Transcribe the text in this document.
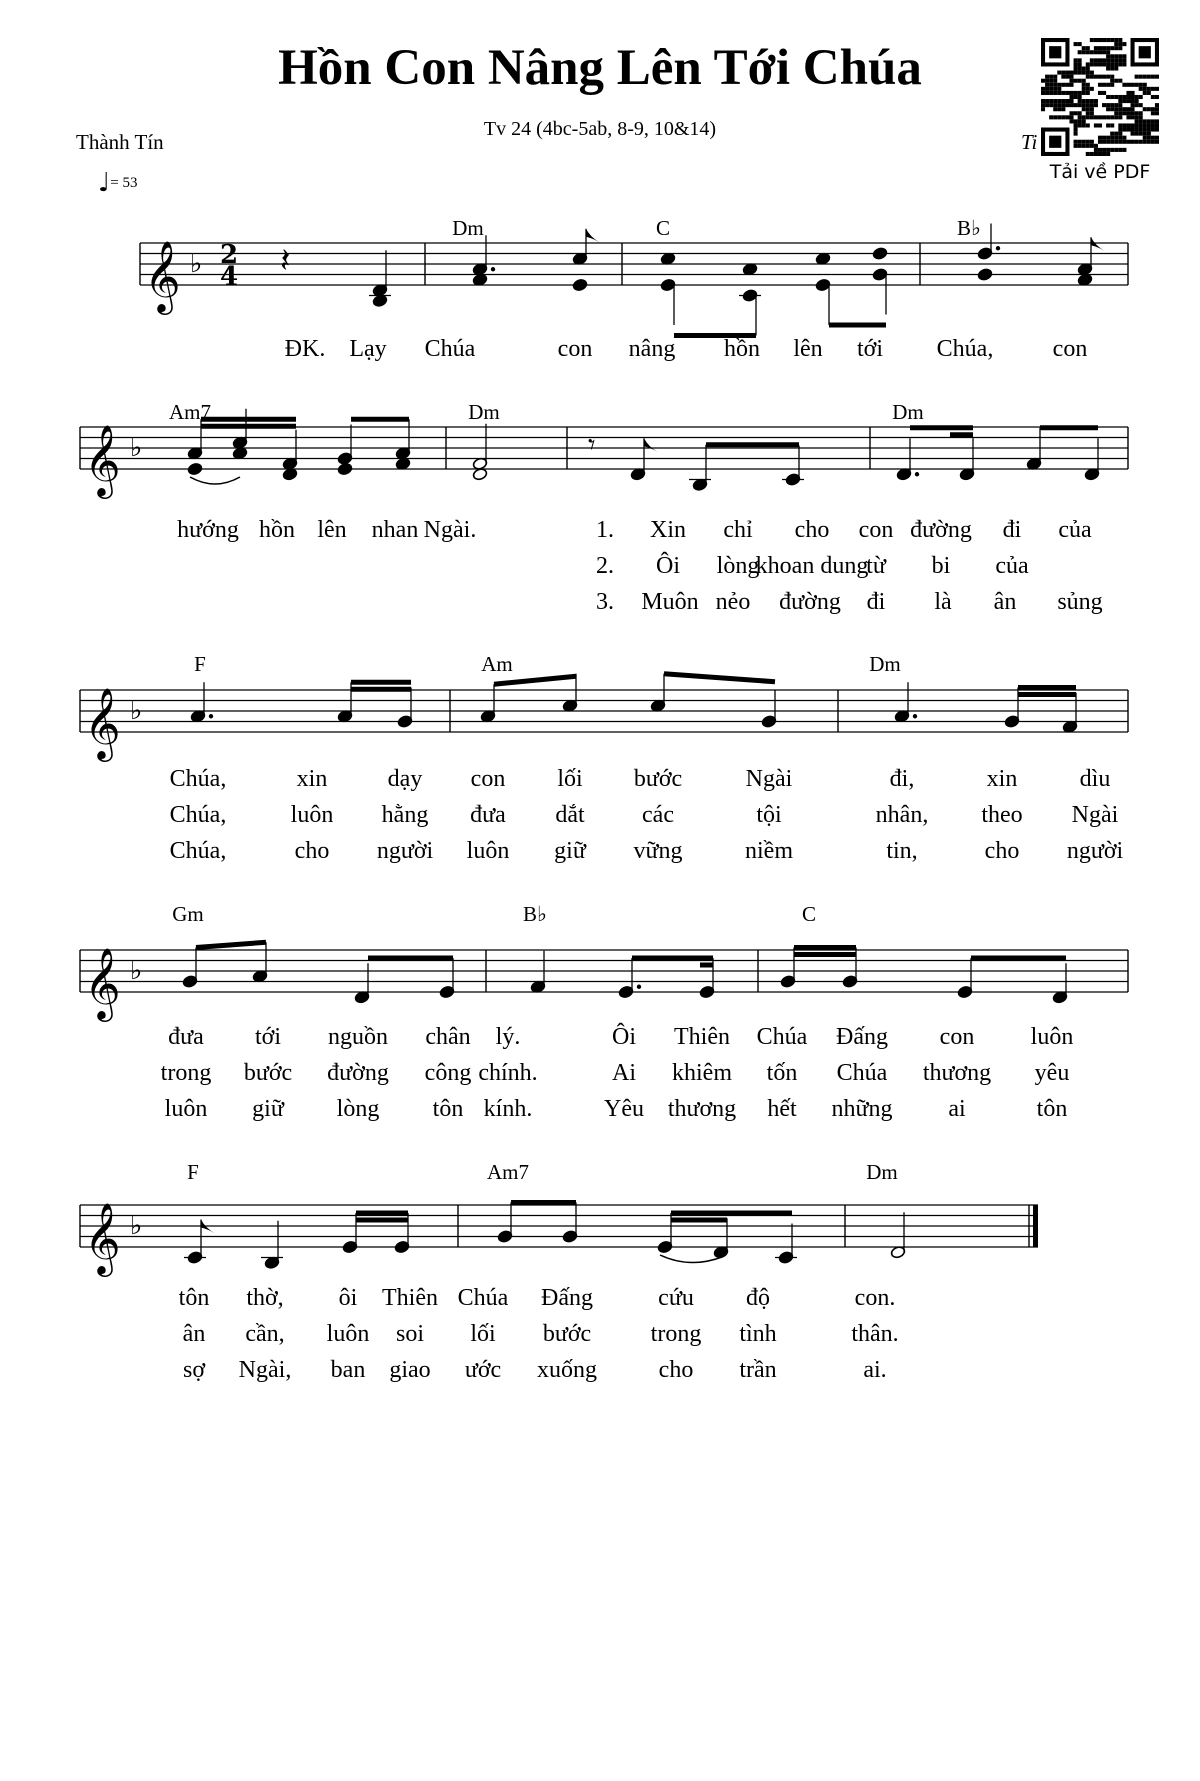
Hồn Con Nâng Lên Tới Chúa
Tv 24 (4bc-5ab, 8-9, 10&14)
Thành Tín	Ti
♩= 53	Tải về PDF
𝄞 ♭ 2
4
𝄞 ♭
𝄞 ♭
𝄞 ♭
𝄞 ♭
𝄽
𝄾
Dm	C	B♭
ĐK. Lạy Chúa	con nâng hồn lên tới Chúa, con
Am7	Dm	Dm
hướng hồn lên nhan Ngài.	1. Xin chỉ cho con đường đi của
2. Ôi lòng
khoan dung
từ bi của
3. Muôn nẻo đường đi là ân sủng
F	Am	Dm
Chúa,	xin	dạy con lối bước	Ngài	đi,	xin	dìu
Chúa,	luôn hằng đưa dắt các	tội	nhân, theo Ngài
Chúa,	cho người luôn giữ vững	niềm	tin,	cho người
Gm	B♭	C
đưa tới nguồn chân lý.	Ôi Thiên Chúa Đấng con luôn
trong bước đường công chính.	Ai khiêm tốn Chúa thương yêu
luôn giữ lòng tôn kính.	Yêu thương hết những ai	tôn
F	Am7	Dm
tôn thờ, ôi Thiên Chúa Đấng	cứu độ	con.
ân cần, luôn soi lối bước trong tình	thân.
sợ Ngài, ban giao ước xuống	cho trần	ai.
